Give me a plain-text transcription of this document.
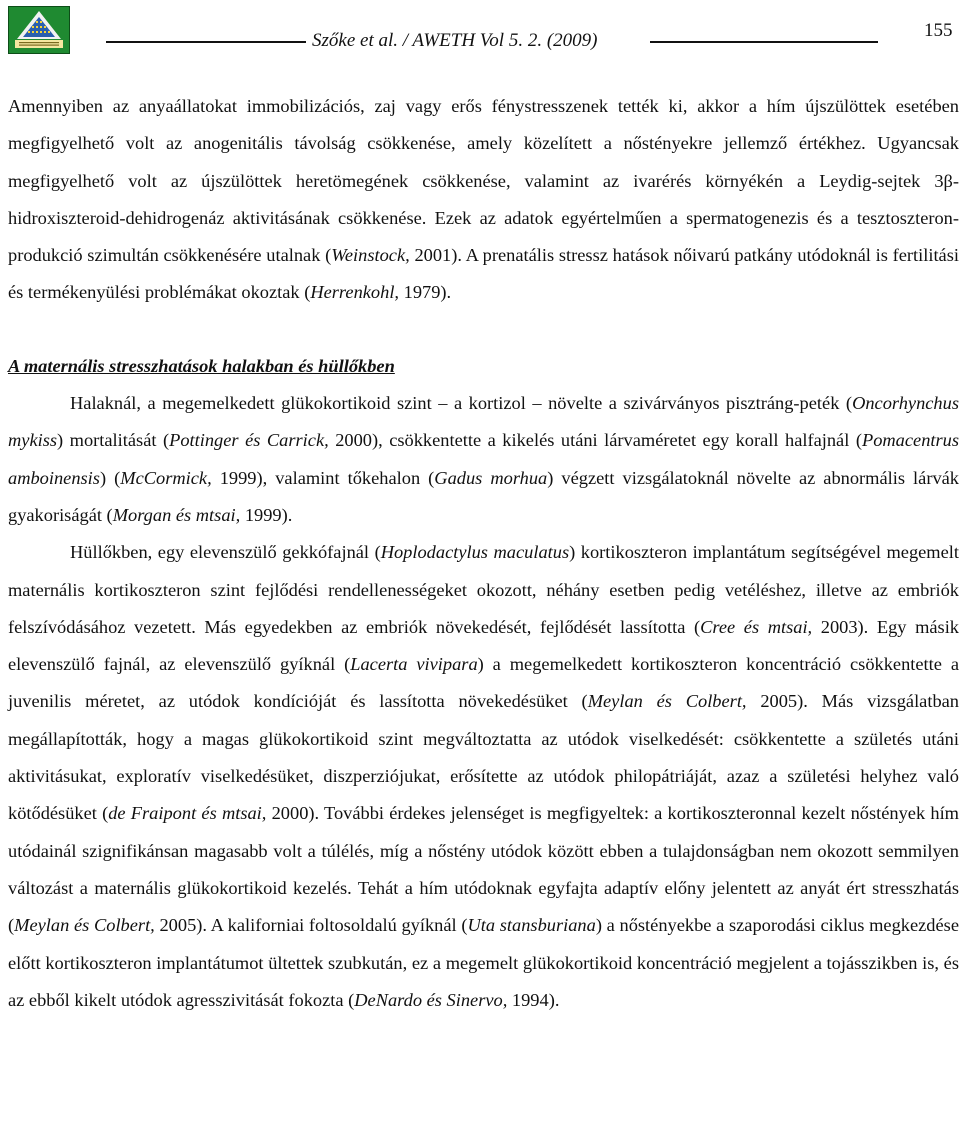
Szőke et al. / AWETH Vol 5. 2. (2009)	155

Amennyiben az anyaállatokat immobilizációs, zaj vagy erős fénystresszenek tették ki, akkor a hím újszülöttek esetében megfigyelhető volt az anogenitális távolság csökkenése, amely közelített a nőstényekre jellemző értékhez. Ugyancsak megfigyelhető volt az újszülöttek heretömegének csökkenése, valamint az ivarérés környékén a Leydig-sejtek 3β-hidroxiszteroid-dehidrogenáz aktivitásának csökkenése. Ezek az adatok egyértelműen a spermatogenezis és a tesztoszteron-produkció szimultán csökkenésére utalnak (Weinstock, 2001). A prenatális stressz hatások nőivarú patkány utódoknál is fertilitási és termékenyülési problémákat okoztak (Herrenkohl, 1979).

A maternális stresszhatások halakban és hüllőkben

Halaknál, a megemelkedett glükokortikoid szint – a kortizol – növelte a szivárványos pisztráng-peték (Oncorhynchus mykiss) mortalitását (Pottinger és Carrick, 2000), csökkentette a kikelés utáni lárvaméretet egy korall halfajnál (Pomacentrus amboinensis) (McCormick, 1999), valamint tőkehalon (Gadus morhua) végzett vizsgálatoknál növelte az abnormális lárvák gyakoriságát (Morgan és mtsai, 1999).

Hüllőkben, egy elevenszülő gekkófajnál (Hoplodactylus maculatus) kortikoszteron implantátum segítségével megemelt maternális kortikoszteron szint fejlődési rendellenességeket okozott, néhány esetben pedig vetéléshez, illetve az embriók felszívódásához vezetett. Más egyedekben az embriók növekedését, fejlődését lassította (Cree és mtsai, 2003). Egy másik elevenszülő fajnál, az elevenszülő gyíknál (Lacerta vivipara) a megemelkedett kortikoszteron koncentráció csökkentette a juvenilis méretet, az utódok kondícióját és lassította növekedésüket (Meylan és Colbert, 2005). Más vizsgálatban megállapították, hogy a magas glükokortikoid szint megváltoztatta az utódok viselkedését: csökkentette a születés utáni aktivitásukat, exploratív viselkedésüket, diszperziójukat, erősítette az utódok philopátriáját, azaz a születési helyhez való kötődésüket (de Fraipont és mtsai, 2000). További érdekes jelenséget is megfigyeltek: a kortikoszteronnal kezelt nőstények hím utódainál szignifikánsan magasabb volt a túlélés, míg a nőstény utódok között ebben a tulajdonságban nem okozott semmilyen változást a maternális glükokortikoid kezelés. Tehát a hím utódoknak egyfajta adaptív előny jelentett az anyát ért stresszhatás (Meylan és Colbert, 2005). A kaliforniai foltosoldalú gyíknál (Uta stansburiana) a nőstényekbe a szaporodási ciklus megkezdése előtt kortikoszteron implantátumot ültettek szubkután, ez a megemelt glükokortikoid koncentráció megjelent a tojásszikben is, és az ebből kikelt utódok agresszivitását fokozta (DeNardo és Sinervo, 1994).
